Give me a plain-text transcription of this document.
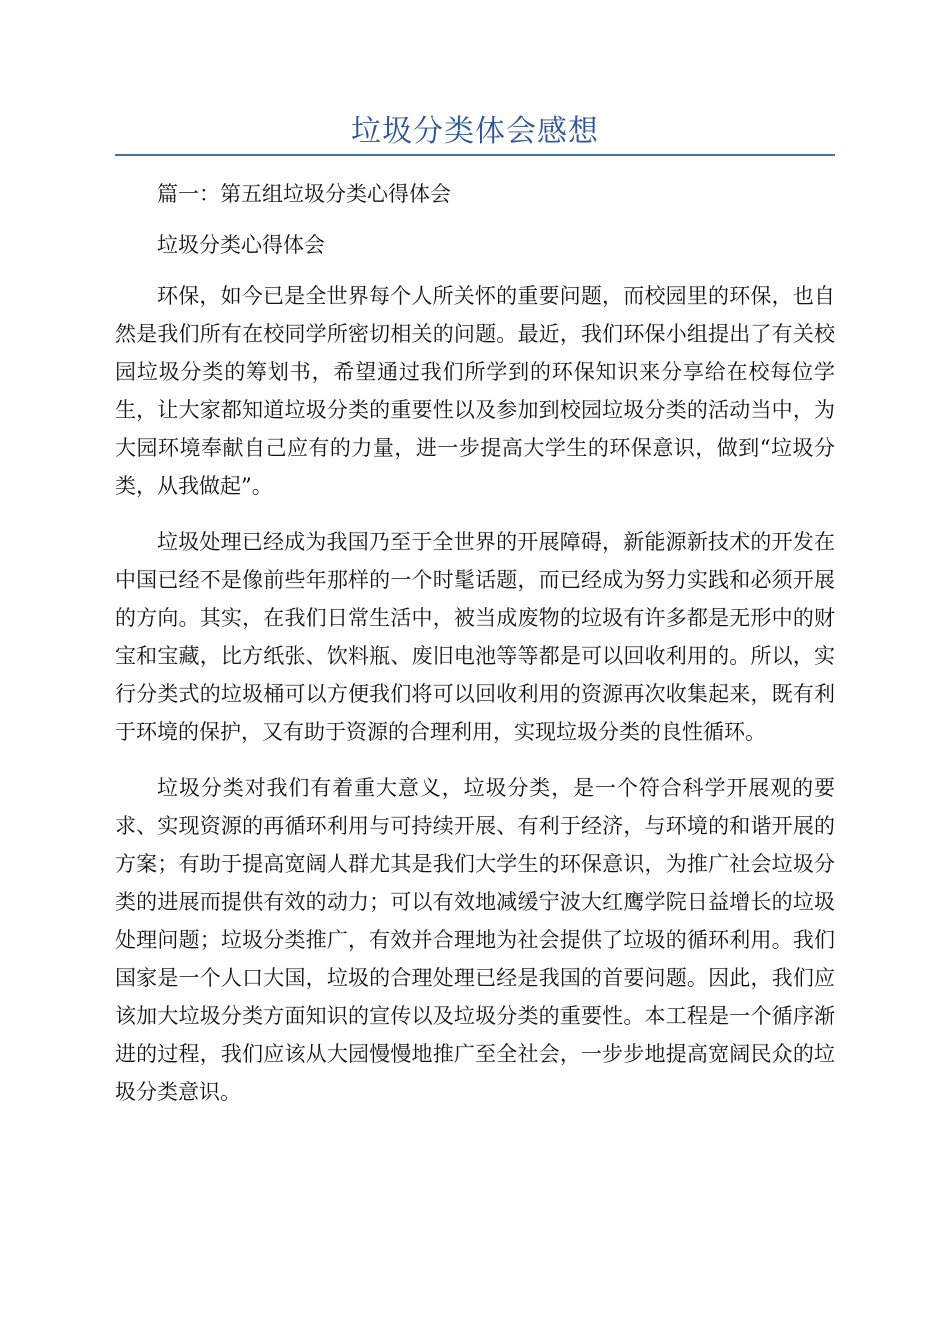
垃圾分类体会感想

篇一：第五组垃圾分类心得体会

垃圾分类心得体会

环保，如今已是全世界每个人所关怀的重要问题，而校园里的环保，也自然是我们所有在校同学所密切相关的问题。最近，我们环保小组提出了有关校园垃圾分类的筹划书，希望通过我们所学到的环保知识来分享给在校每位学生，让大家都知道垃圾分类的重要性以及参加到校园垃圾分类的活动当中，为大园环境奉献自己应有的力量，进一步提高大学生的环保意识，做到“垃圾分类，从我做起”。

垃圾处理已经成为我国乃至于全世界的开展障碍，新能源新技术的开发在中国已经不是像前些年那样的一个时髦话题，而已经成为努力实践和必须开展的方向。其实，在我们日常生活中，被当成废物的垃圾有许多都是无形中的财宝和宝藏，比方纸张、饮料瓶、废旧电池等等都是可以回收利用的。所以，实行分类式的垃圾桶可以方便我们将可以回收利用的资源再次收集起来，既有利于环境的保护，又有助于资源的合理利用，实现垃圾分类的良性循环。

垃圾分类对我们有着重大意义，垃圾分类，是一个符合科学开展观的要求、实现资源的再循环利用与可持续开展、有利于经济，与环境的和谐开展的方案；有助于提高宽阔人群尤其是我们大学生的环保意识，为推广社会垃圾分类的进展而提供有效的动力；可以有效地减缓宁波大红鹰学院日益增长的垃圾处理问题；垃圾分类推广，有效并合理地为社会提供了垃圾的循环利用。我们国家是一个人口大国，垃圾的合理处理已经是我国的首要问题。因此，我们应该加大垃圾分类方面知识的宣传以及垃圾分类的重要性。本工程是一个循序渐进的过程，我们应该从大园慢慢地推广至全社会，一步步地提高宽阔民众的垃圾分类意识。
